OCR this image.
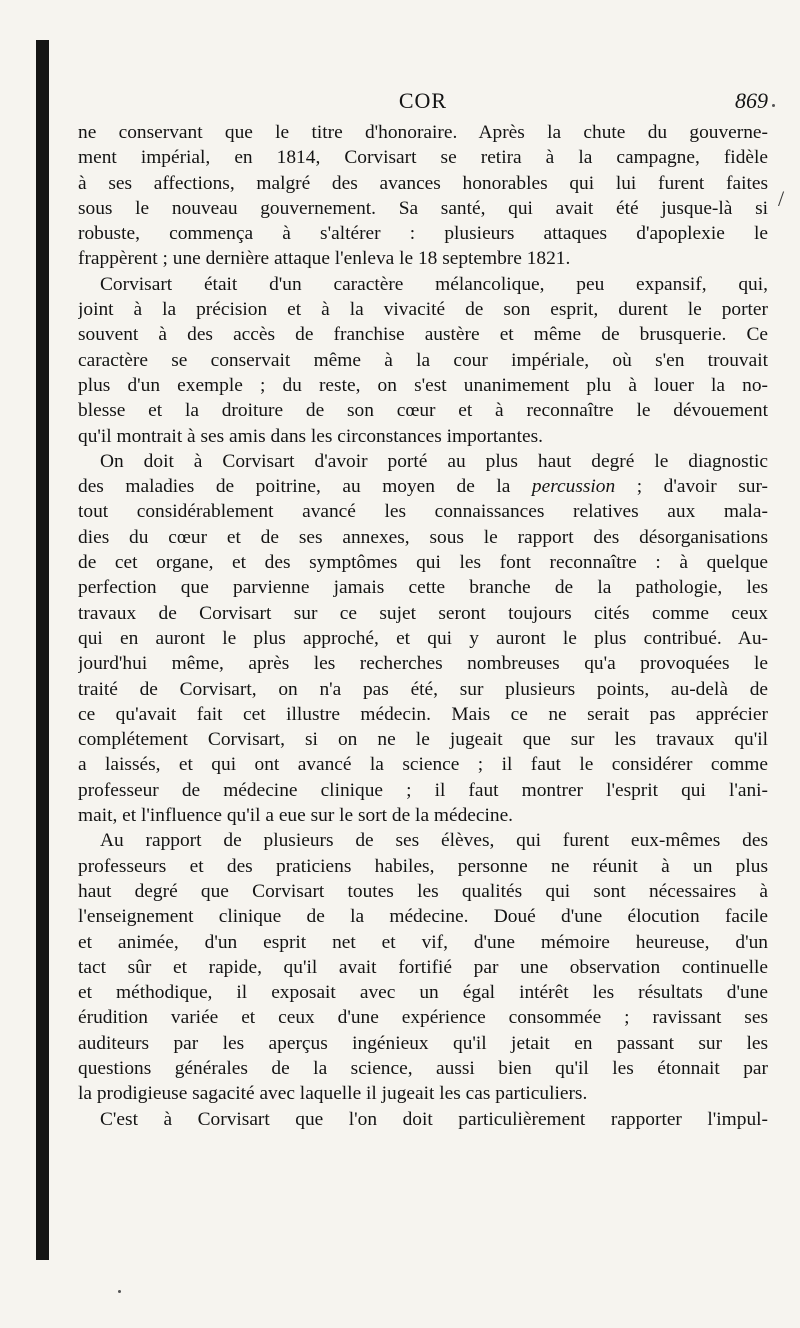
COR	869
ne conservant que le titre d'honoraire. Après la chute du gouverne-
ment impérial, en 1814, Corvisart se retira à la campagne, fidèle
à ses affections, malgré des avances honorables qui lui furent faites
sous le nouveau gouvernement. Sa santé, qui avait été jusque-là si
robuste, commença à s'altérer : plusieurs attaques d'apoplexie le
frappèrent ; une dernière attaque l'enleva le 18 septembre 1821.
Corvisart était d'un caractère mélancolique, peu expansif, qui,
joint à la précision et à la vivacité de son esprit, durent le porter
souvent à des accès de franchise austère et même de brusquerie. Ce
caractère se conservait même à la cour impériale, où s'en trouvait
plus d'un exemple ; du reste, on s'est unanimement plu à louer la no-
blesse et la droiture de son cœur et à reconnaître le dévouement
qu'il montrait à ses amis dans les circonstances importantes.
On doit à Corvisart d'avoir porté au plus haut degré le diagnostic
des maladies de poitrine, au moyen de la percussion ; d'avoir sur-
tout considérablement avancé les connaissances relatives aux mala-
dies du cœur et de ses annexes, sous le rapport des désorganisations
de cet organe, et des symptômes qui les font reconnaître : à quelque
perfection que parvienne jamais cette branche de la pathologie, les
travaux de Corvisart sur ce sujet seront toujours cités comme ceux
qui en auront le plus approché, et qui y auront le plus contribué. Au-
jourd'hui même, après les recherches nombreuses qu'a provoquées le
traité de Corvisart, on n'a pas été, sur plusieurs points, au-delà de
ce qu'avait fait cet illustre médecin. Mais ce ne serait pas apprécier
complétement Corvisart, si on ne le jugeait que sur les travaux qu'il
a laissés, et qui ont avancé la science ; il faut le considérer comme
professeur de médecine clinique ; il faut montrer l'esprit qui l'ani-
mait, et l'influence qu'il a eue sur le sort de la médecine.
Au rapport de plusieurs de ses élèves, qui furent eux-mêmes des
professeurs et des praticiens habiles, personne ne réunit à un plus
haut degré que Corvisart toutes les qualités qui sont nécessaires à
l'enseignement clinique de la médecine. Doué d'une élocution facile
et animée, d'un esprit net et vif, d'une mémoire heureuse, d'un
tact sûr et rapide, qu'il avait fortifié par une observation continuelle
et méthodique, il exposait avec un égal intérêt les résultats d'une
érudition variée et ceux d'une expérience consommée ; ravissant ses
auditeurs par les aperçus ingénieux qu'il jetait en passant sur les
questions générales de la science, aussi bien qu'il les étonnait par
la prodigieuse sagacité avec laquelle il jugeait les cas particuliers.
C'est à Corvisart que l'on doit particulièrement rapporter l'impul-
/
